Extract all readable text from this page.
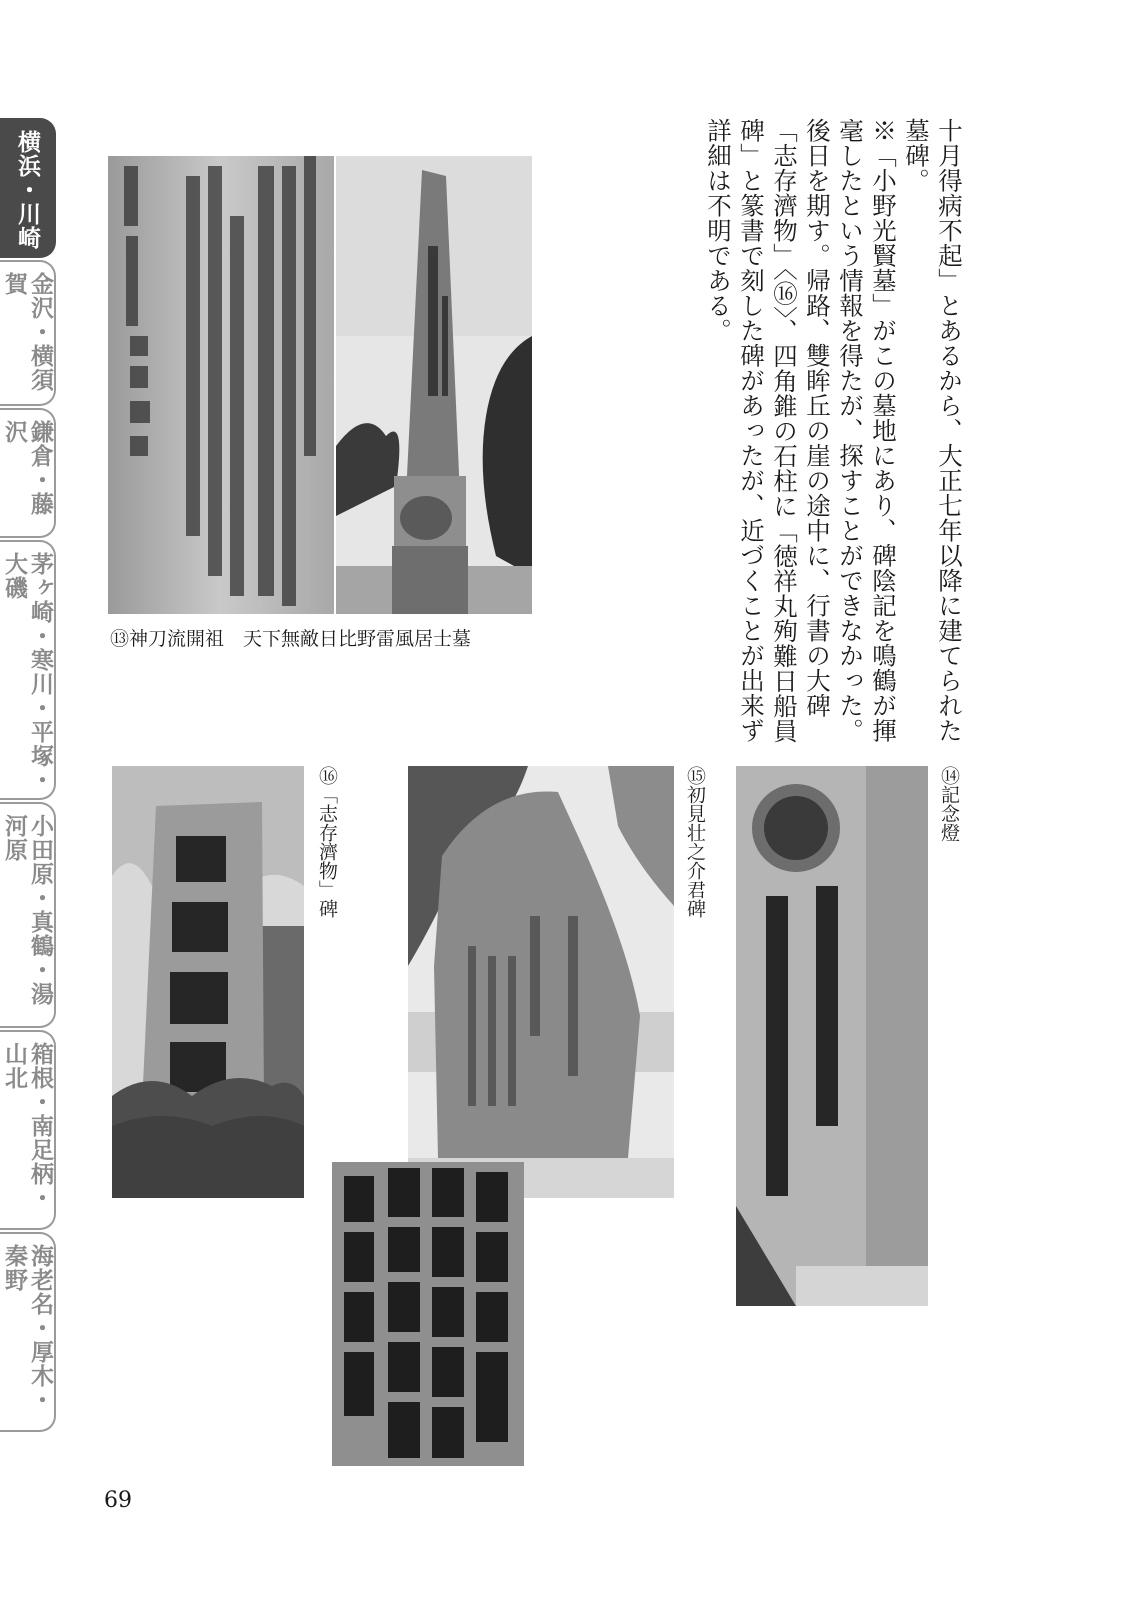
横浜・川崎
金沢・横須賀
鎌倉・藤沢
茅ヶ崎・寒川・平塚・大磯
小田原・真鶴・湯河原
箱根・南足柄・山北
海老名・厚木・秦野

十月得病不起」とあるから、大正七年以降に建てられた墓碑。

※「小野光賢墓」がこの墓地にあり、碑陰記を鳴鶴が揮毫したという情報を得たが、探すことができなかった。後日を期す。帰路、雙眸丘の崖の途中に、行書の大碑「志存濟物」〈⑯〉、四角錐の石柱に「徳祥丸殉難日船員碑」と篆書で刻した碑があったが、近づくことが出来ず詳細は不明である。

⑬神刀流開祖　天下無敵日比野雷風居士墓
⑯「志存濟物」碑	⑮初見壮之介君碑	⑭記念燈
69
